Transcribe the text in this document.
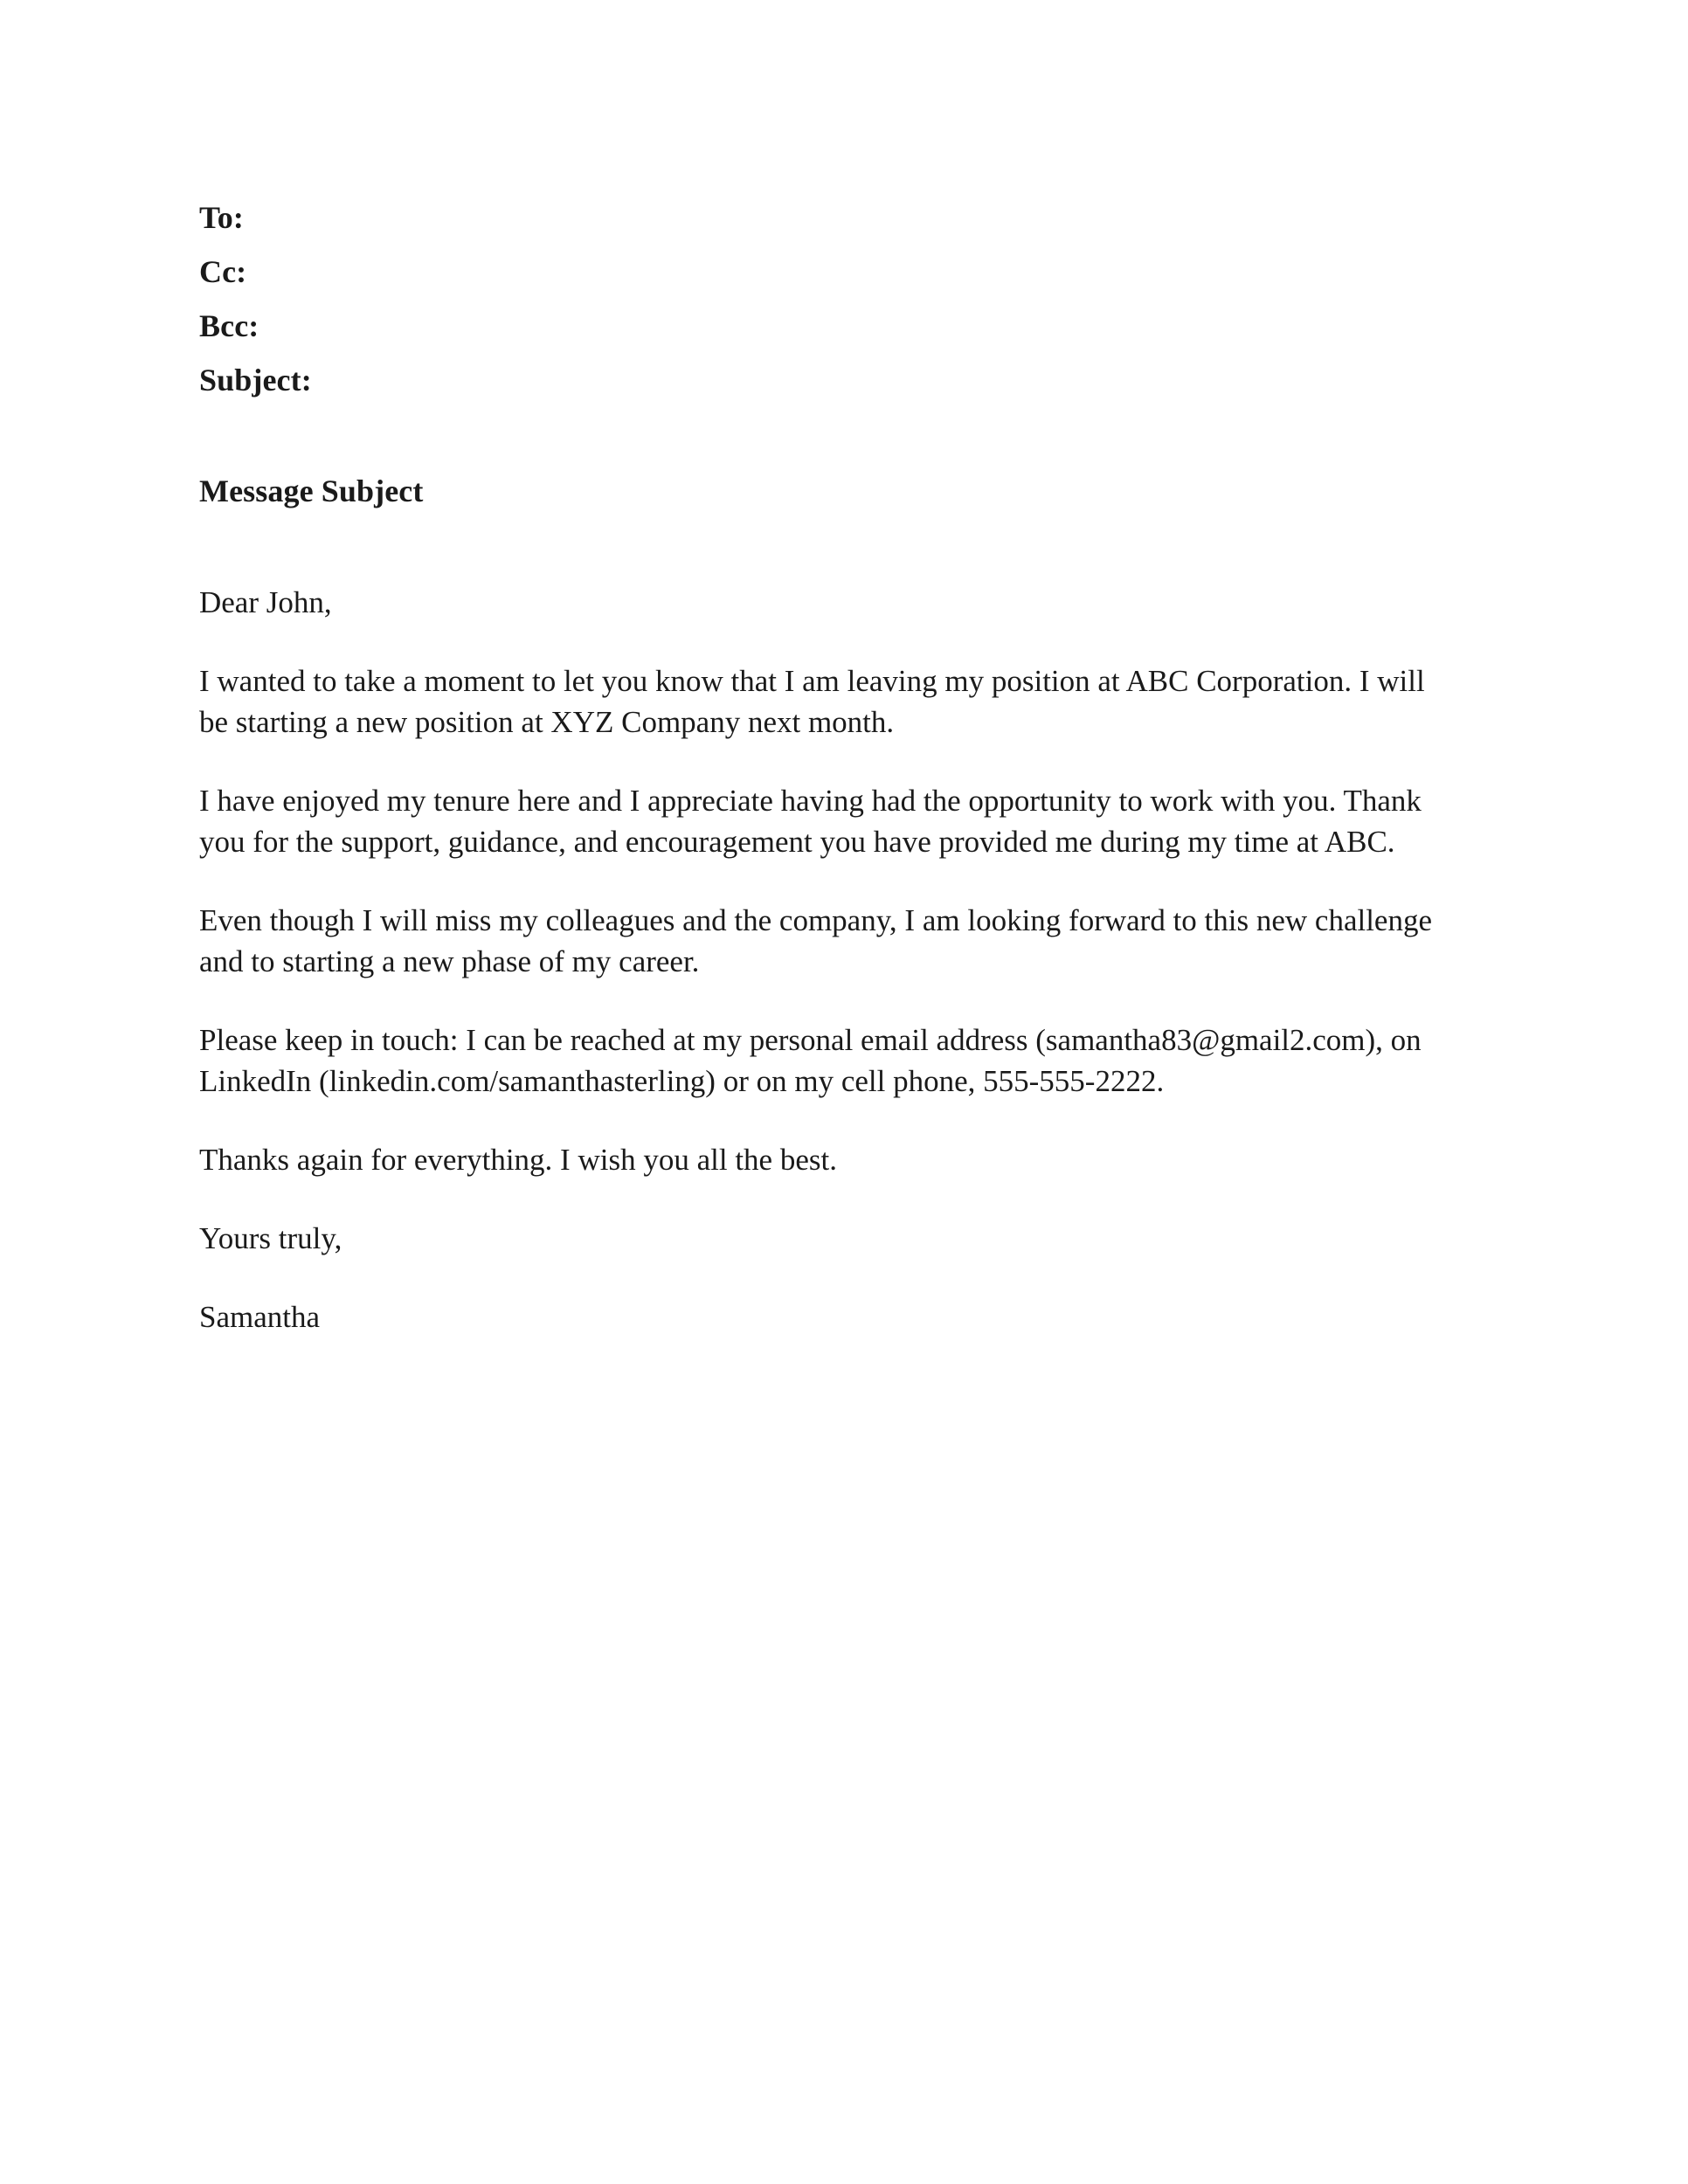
To:
Cc:
Bcc:
Subject:
Message Subject

Dear John,

I wanted to take a moment to let you know that I am leaving my position at ABC Corporation. I will be starting a new position at XYZ Company next month.

I have enjoyed my tenure here and I appreciate having had the opportunity to work with you. Thank you for the support, guidance, and encouragement you have provided me during my time at ABC.

Even though I will miss my colleagues and the company, I am looking forward to this new challenge and to starting a new phase of my career.

Please keep in touch: I can be reached at my personal email address (samantha83@gmail2.com), on LinkedIn (linkedin.com/samanthasterling) or on my cell phone, 555-555-2222.

Thanks again for everything. I wish you all the best.

Yours truly,

Samantha
